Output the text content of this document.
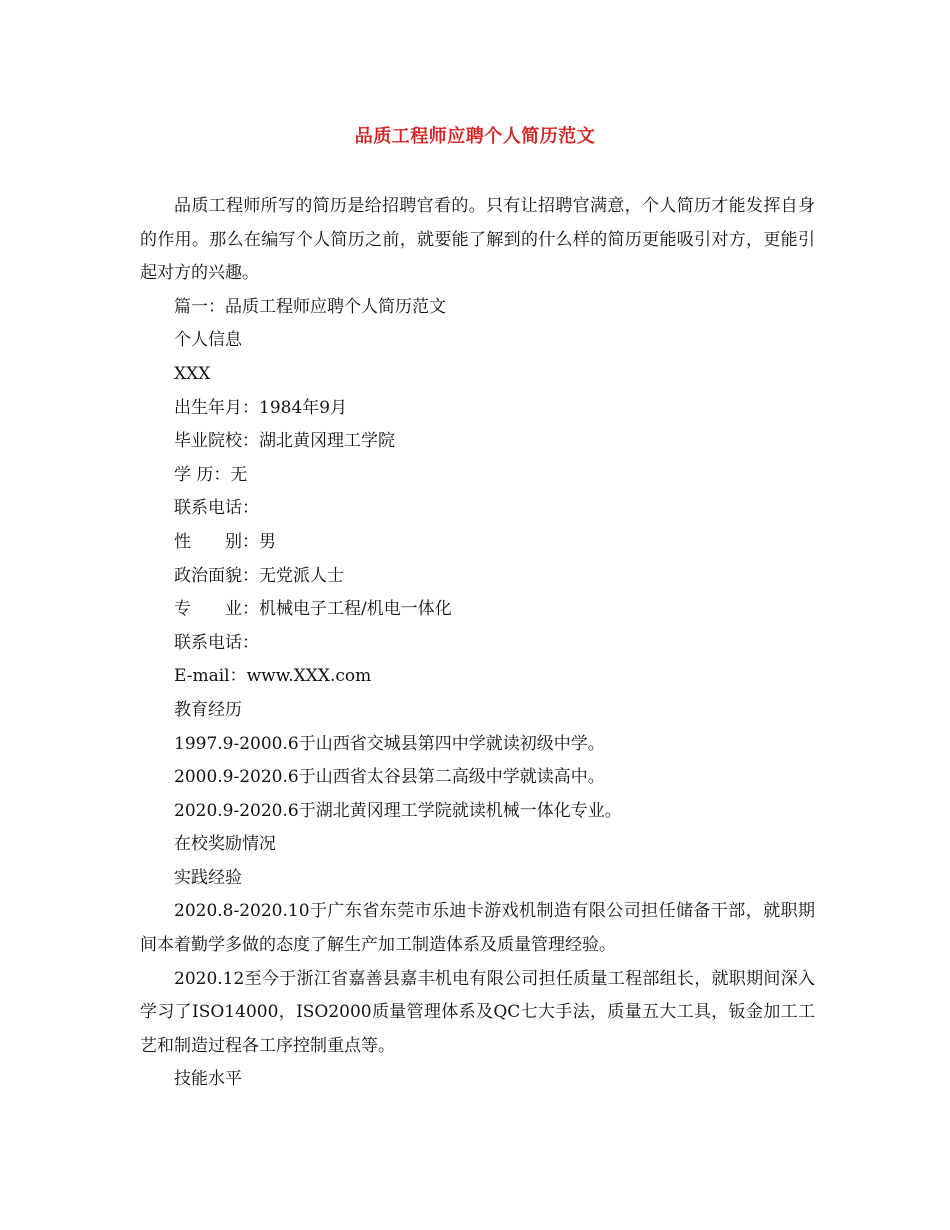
品质工程师应聘个人简历范文

品质工程师所写的简历是给招聘官看的。只有让招聘官满意，个人简历才能发挥自身的作用。那么在编写个人简历之前，就要能了解到的什么样的简历更能吸引对方，更能引起对方的兴趣。

篇一：品质工程师应聘个人简历范文

个人信息

XXX

出生年月：1984年9月

毕业院校：湖北黄冈理工学院

学 历：无

联系电话：

性　　别：男

政治面貌：无党派人士

专　　业：机械电子工程/机电一体化

联系电话：

E-mail：www.XXX.com

教育经历

1997.9-2000.6于山西省交城县第四中学就读初级中学。

2000.9-2020.6于山西省太谷县第二高级中学就读高中。

2020.9-2020.6于湖北黄冈理工学院就读机械一体化专业。

在校奖励情况

实践经验

2020.8-2020.10于广东省东莞市乐迪卡游戏机制造有限公司担任储备干部，就职期间本着勤学多做的态度了解生产加工制造体系及质量管理经验。

2020.12至今于浙江省嘉善县嘉丰机电有限公司担任质量工程部组长，就职期间深入学习了ISO14000，ISO2000质量管理体系及QC七大手法，质量五大工具，钣金加工工艺和制造过程各工序控制重点等。

技能水平
